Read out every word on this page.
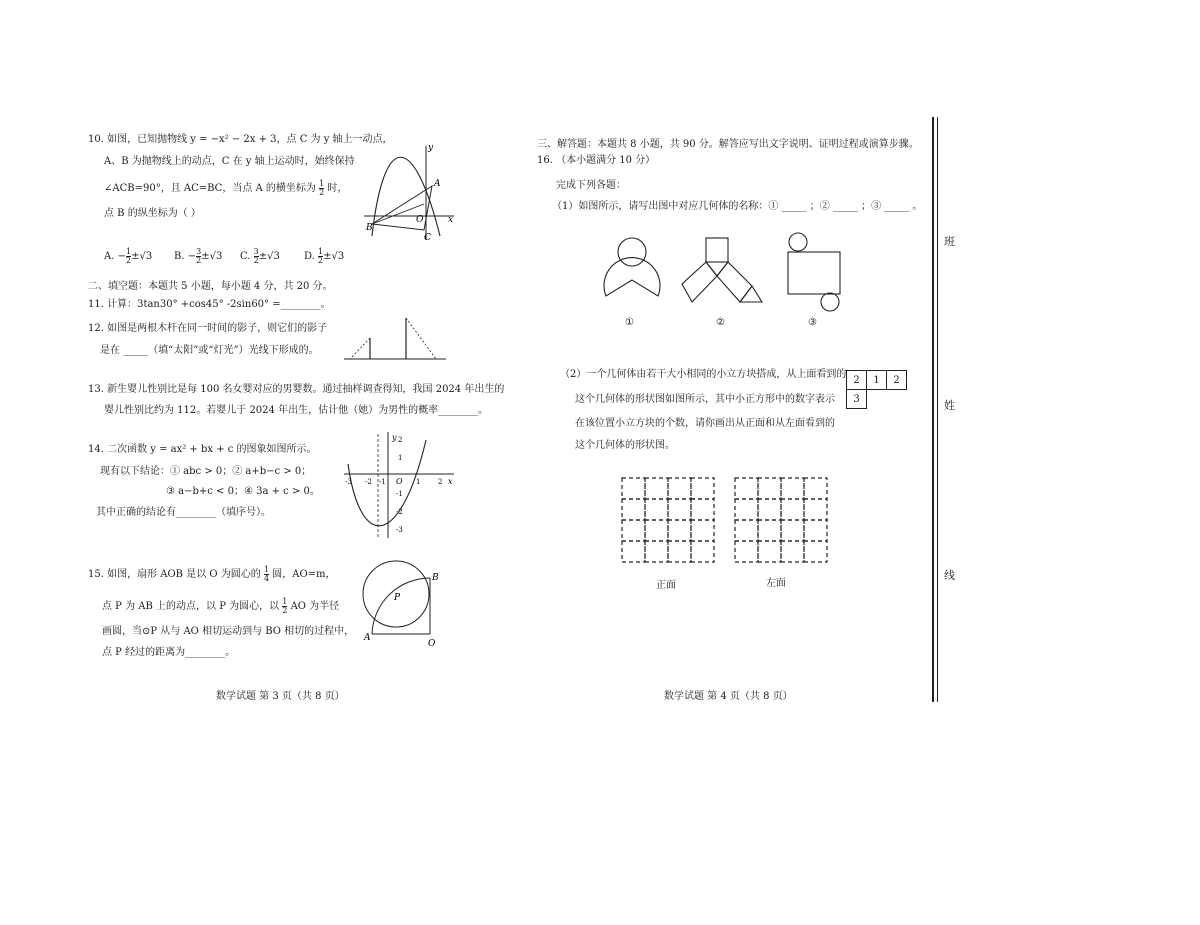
10. 如图，已知抛物线 y = −x² − 2x + 3，点 C 为 y 轴上一动点，
A、B 为抛物线上的动点，C 在 y 轴上运动时，始终保持
∠ACB=90°，且 AC=BC，当点 A 的横坐标为 $\frac{1}{2}$ 时，
点 B 的纵坐标为（ ）
A. − $\frac{1}{2} \pm√3$ B. − $\frac{3}{2} \pm√3$ C. $\frac{3}{2} \pm√3$ D. $\frac{1}{2} \pm√3$
y
x
A
B
C
O
二、填空题：本题共 5 小题，每小题 4 分，共 20 分。
11. 计算：3tan30° +cos45° -2sin60° =________。
12. 如图是两根木杆在同一时间的影子，则它们的影子
是在 _____（填“太阳”或“灯光”）光线下形成的。
13. 新生婴儿性别比是每 100 名女婴对应的男婴数。通过抽样调查得知，我国 2024 年出生的
婴儿性别比约为 112。若婴儿于 2024 年出生，估计他（她）为男性的概率________。
14. 二次函数 y = ax² + bx + c 的图象如图所示。
现有以下结论：① abc > 0；② a+b−c > 0；
③ a−b+c < 0；④ 3a + c > 0。
其中正确的结论有________（填序号）。
y
x
O
-3 -2 -1	1	2
2
1
-1
-2
-3
15. 如图，扇形 AOB 是以 O 为圆心的 $\frac{1}{4}$ 圆，AO=m，
点 P 为 AB 上的动点，以 P 为圆心，以 $\frac{1}{2}$ AO 为半径
画圆，当⊙P 从与 AO 相切运动到与 BO 相切的过程中，
点 P 经过的距离为________。
P
B
A
O
数学试题 第 3 页（共 8 页）
三、解答题：本题共 8 小题，共 90 分。解答应写出文字说明、证明过程或演算步骤。
16. （本小题满分 10 分）
完成下列各题：
（1）如图所示，请写出图中对应几何体的名称：① _____ ；② _____ ；③ _____ 。
①	②	③
（2）一个几何体由若干大小相同的小立方块搭成，从上面看到的
这个几何体的形状图如图所示，其中小正方形中的数字表示
在该位置小立方块的个数，请你画出从正面和从左面看到的
这个几何体的形状图。
2	1	2
3		
正面	左面
数学试题 第 4 页（共 8 页）
班
姓
线
